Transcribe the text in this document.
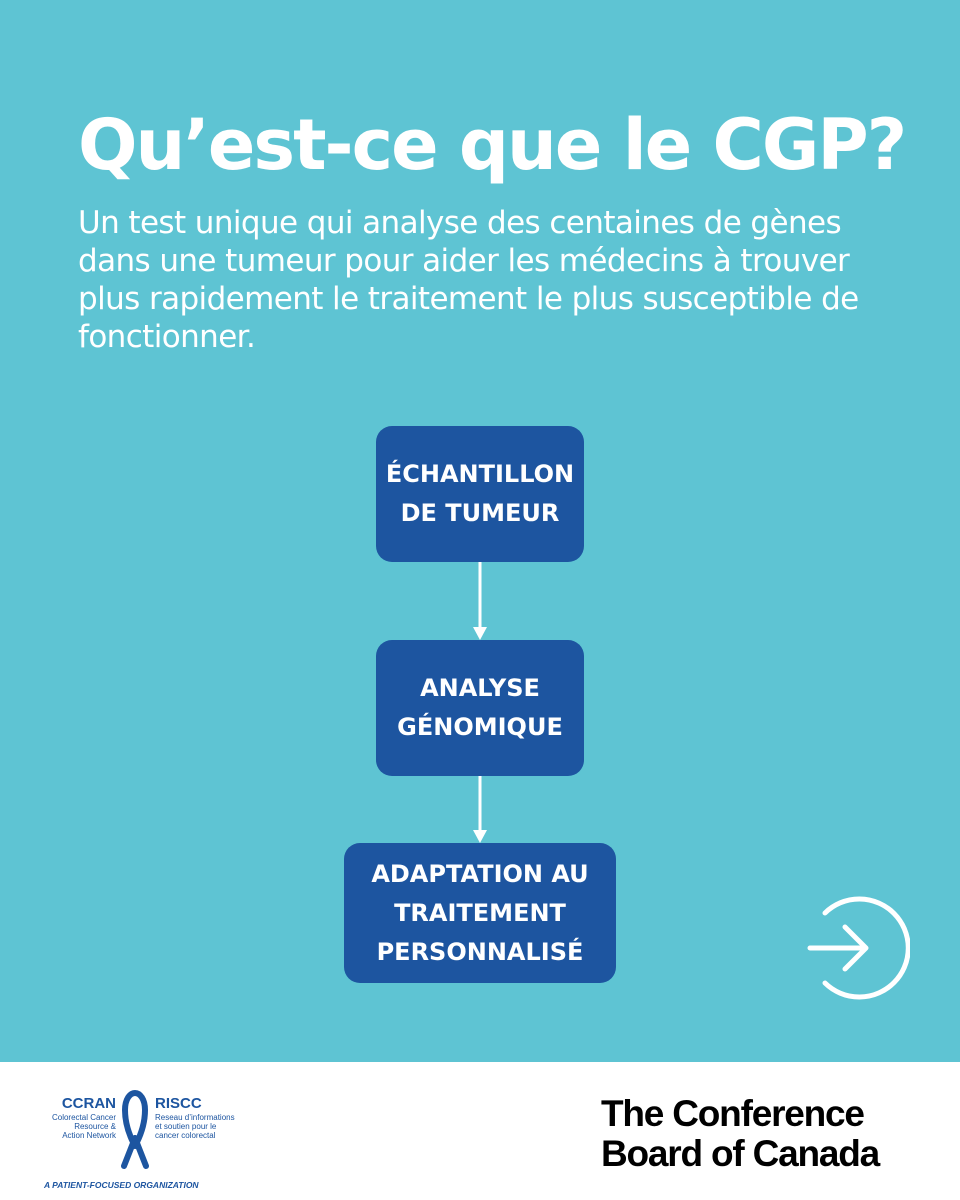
Qu’est-ce que le CGP?

Un test unique qui analyse des centaines de gènes dans une tumeur pour aider les médecins à trouver plus rapidement le traitement le plus susceptible de fonctionner.

ÉCHANTILLON
DE TUMEUR
ANALYSE
GÉNOMIQUE
ADAPTATION AU
TRAITEMENT
PERSONNALISÉ
CCRAN
Colorectal Cancer
Resource &
Action Network
RISCC
Reseau d’informations
et soutien pour le
cancer colorectal
A PATIENT-FOCUSED ORGANIZATION
The Conference
Board of Canada
